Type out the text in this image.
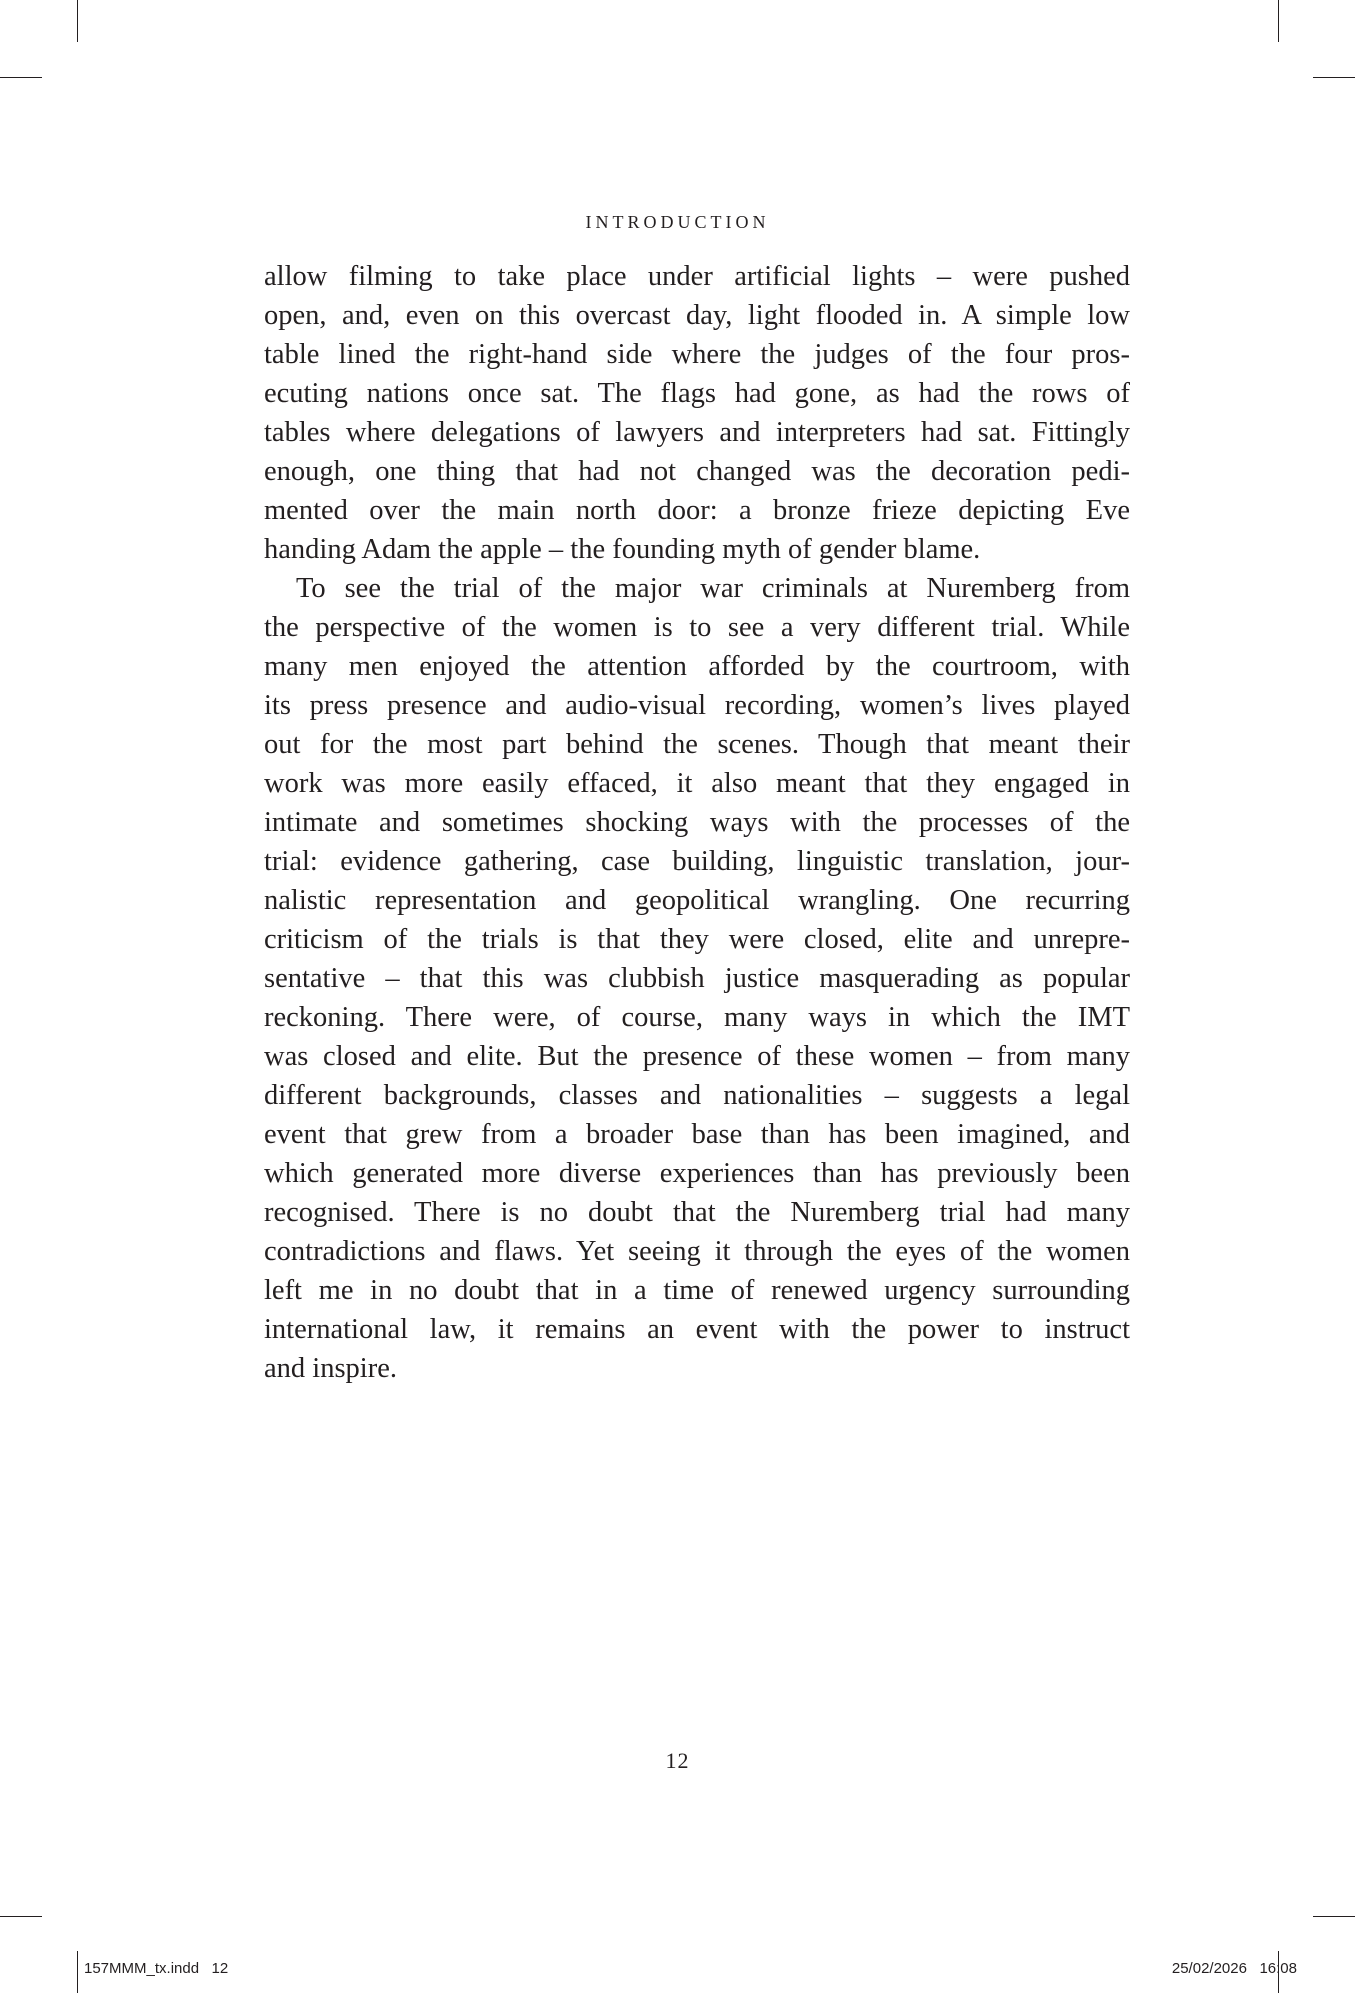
INTRODUCTION
allow filming to take place under artificial lights – were pushed
open, and, even on this overcast day, light flooded in. A simple low
table lined the right-hand side where the judges of the four pros-
ecuting nations once sat. The flags had gone, as had the rows of
tables where delegations of lawyers and interpreters had sat. Fittingly
enough, one thing that had not changed was the decoration pedi-
mented over the main north door: a bronze frieze depicting Eve
handing Adam the apple – the founding myth of gender blame.
To see the trial of the major war criminals at Nuremberg from
the perspective of the women is to see a very different trial. While
many men enjoyed the attention afforded by the courtroom, with
its press presence and audio-visual recording, women’s lives played
out for the most part behind the scenes. Though that meant their
work was more easily effaced, it also meant that they engaged in
intimate and sometimes shocking ways with the processes of the
trial: evidence gathering, case building, linguistic translation, jour-
nalistic representation and geopolitical wrangling. One recurring
criticism of the trials is that they were closed, elite and unrepre-
sentative – that this was clubbish justice masquerading as popular
reckoning. There were, of course, many ways in which the IMT
was closed and elite. But the presence of these women – from many
different backgrounds, classes and nationalities – suggests a legal
event that grew from a broader base than has been imagined, and
which generated more diverse experiences than has previously been
recognised. There is no doubt that the Nuremberg trial had many
contradictions and flaws. Yet seeing it through the eyes of the women
left me in no doubt that in a time of renewed urgency surrounding
international law, it remains an event with the power to instruct
and inspire.
12
157MMM_tx.indd   12	25/02/2026   16:08
